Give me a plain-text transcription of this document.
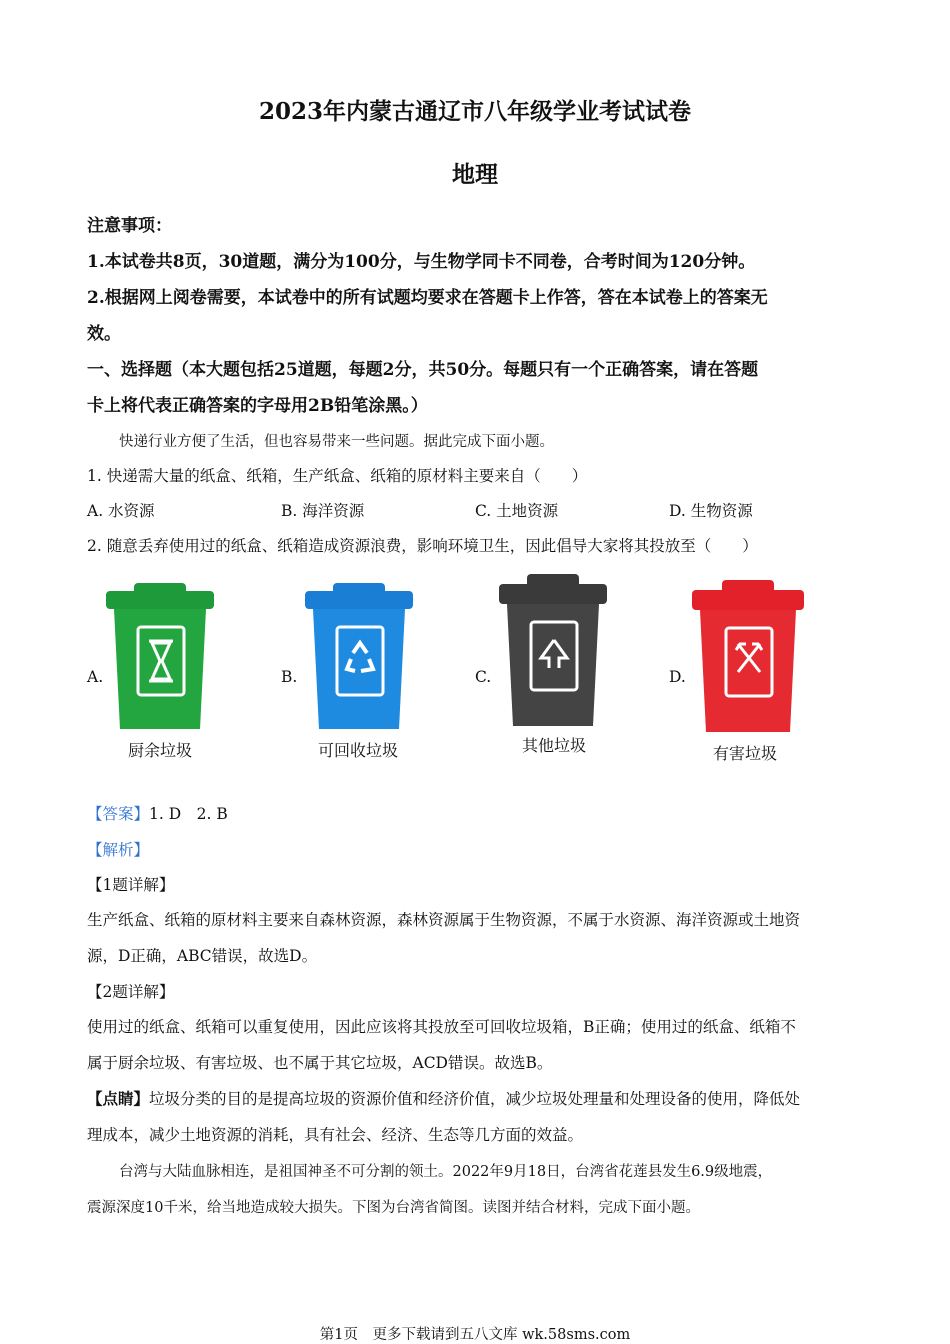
2023年内蒙古通辽市八年级学业考试试卷
地理
注意事项：
1.本试卷共8页，30道题，满分为100分，与生物学同卡不同卷，合考时间为120分钟。
2.根据网上阅卷需要，本试卷中的所有试题均要求在答题卡上作答，答在本试卷上的答案无
效。
一、选择题（本大题包括25道题，每题2分，共50分。每题只有一个正确答案，请在答题
卡上将代表正确答案的字母用2B铅笔涂黑。）
快递行业方便了生活，但也容易带来一些问题。据此完成下面小题。
1. 快递需大量的纸盒、纸箱，生产纸盒、纸箱的原材料主要来自（　　）
A. 水资源	B. 海洋资源	C. 土地资源	D. 生物资源
2. 随意丢弃使用过的纸盒、纸箱造成资源浪费，影响环境卫生，因此倡导大家将其投放至（　　）
A.
厨余垃圾
B.
可回收垃圾
C.
其他垃圾
D.
有害垃圾
【答案】1. D　2. B
【解析】
【1题详解】
生产纸盒、纸箱的原材料主要来自森林资源，森林资源属于生物资源，不属于水资源、海洋资源或土地资
源，D正确，ABC错误，故选D。
【2题详解】
使用过的纸盒、纸箱可以重复使用，因此应该将其投放至可回收垃圾箱，B正确；使用过的纸盒、纸箱不
属于厨余垃圾、有害垃圾、也不属于其它垃圾，ACD错误。故选B。
【点睛】垃圾分类的目的是提高垃圾的资源价值和经济价值，减少垃圾处理量和处理设备的使用，降低处
理成本，减少土地资源的消耗，具有社会、经济、生态等几方面的效益。
台湾与大陆血脉相连，是祖国神圣不可分割的领土。2022年9月18日，台湾省花莲县发生6.9级地震，
震源深度10千米，给当地造成较大损失。下图为台湾省简图。读图并结合材料，完成下面小题。
第1页　更多下载请到五八文库 wk.58sms.com
